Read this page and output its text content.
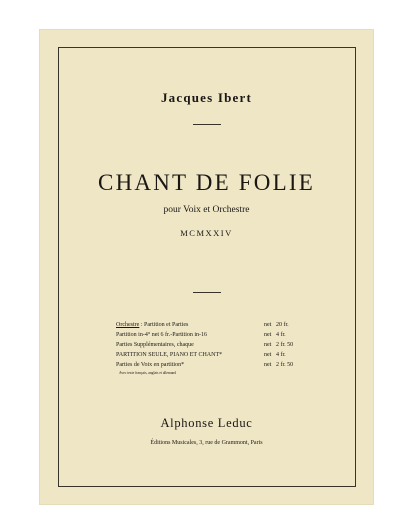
Jacques Ibert
CHANT DE FOLIE
pour Voix et Orchestre
MCMXXIV
Orchestre : Partition et Parties	net 20 fr.
Partition in-4° net 6 fr.-Partition in-16	net 4 fr.
Parties Supplémentaires, chaque	net 2 fr. 50
PARTITION SEULE, PIANO ET CHANT*	net 4 fr.
Parties de Voix en partition*	net 2 fr. 50
Avec texte français, anglais et allemand
Alphonse Leduc
Éditions Musicales, 3, rue de Grammont, Paris
